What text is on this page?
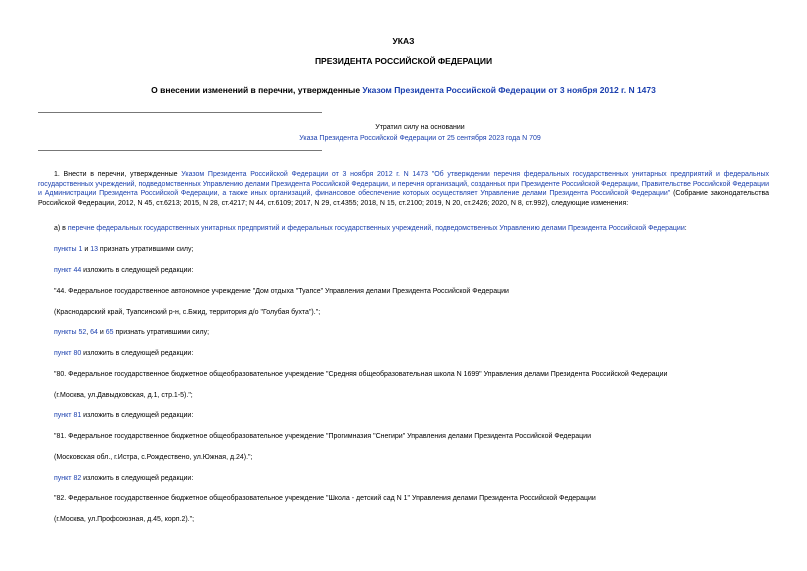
УКАЗ
ПРЕЗИДЕНТА РОССИЙСКОЙ ФЕДЕРАЦИИ
О внесении изменений в перечни, утвержденные Указом Президента Российской Федерации от 3 ноября 2012 г. N 1473
Утратил силу на основании
Указа Президента Российской Федерации от 25 сентября 2023 года N 709
1. Внести в перечни, утвержденные Указом Президента Российской Федерации от 3 ноября 2012 г. N 1473 "Об утверждении перечня федеральных государственных унитарных предприятий и федеральных государственных учреждений, подведомственных Управлению делами Президента Российской Федерации, и перечня организаций, созданных при Президенте Российской Федерации, Правительстве Российской Федерации и Администрации Президента Российской Федерации, а также иных организаций, финансовое обеспечение которых осуществляет Управление делами Президента Российской Федерации" (Собрание законодательства Российской Федерации, 2012, N 45, ст.6213; 2015, N 28, ст.4217; N 44, ст.6109; 2017, N 29, ст.4355; 2018, N 15, ст.2100; 2019, N 20, ст.2426; 2020, N 8, ст.992), следующие изменения:
а) в перечне федеральных государственных унитарных предприятий и федеральных государственных учреждений, подведомственных Управлению делами Президента Российской Федерации:
пункты 1 и 13 признать утратившими силу;
пункт 44 изложить в следующей редакции:
"44. Федеральное государственное автономное учреждение "Дом отдыха "Туапсе" Управления делами Президента Российской Федерации
(Краснодарский край, Туапсинский р-н, с.Бжид, территория д/о "Голубая бухта").";
пункты 52, 64 и 65 признать утратившими силу;
пункт 80 изложить в следующей редакции:
"80. Федеральное государственное бюджетное общеобразовательное учреждение "Средняя общеобразовательная школа N 1699" Управления делами Президента Российской Федерации
(г.Москва, ул.Давыдковская, д.1, стр.1-5).";
пункт 81 изложить в следующей редакции:
"81. Федеральное государственное бюджетное общеобразовательное учреждение "Прогимназия "Снегири" Управления делами Президента Российской Федерации
(Московская обл., г.Истра, с.Рождествено, ул.Южная, д.24).";
пункт 82 изложить в следующей редакции:
"82. Федеральное государственное бюджетное общеобразовательное учреждение "Школа - детский сад N 1" Управления делами Президента Российской Федерации
(г.Москва, ул.Профсоюзная, д.45, корп.2).";
